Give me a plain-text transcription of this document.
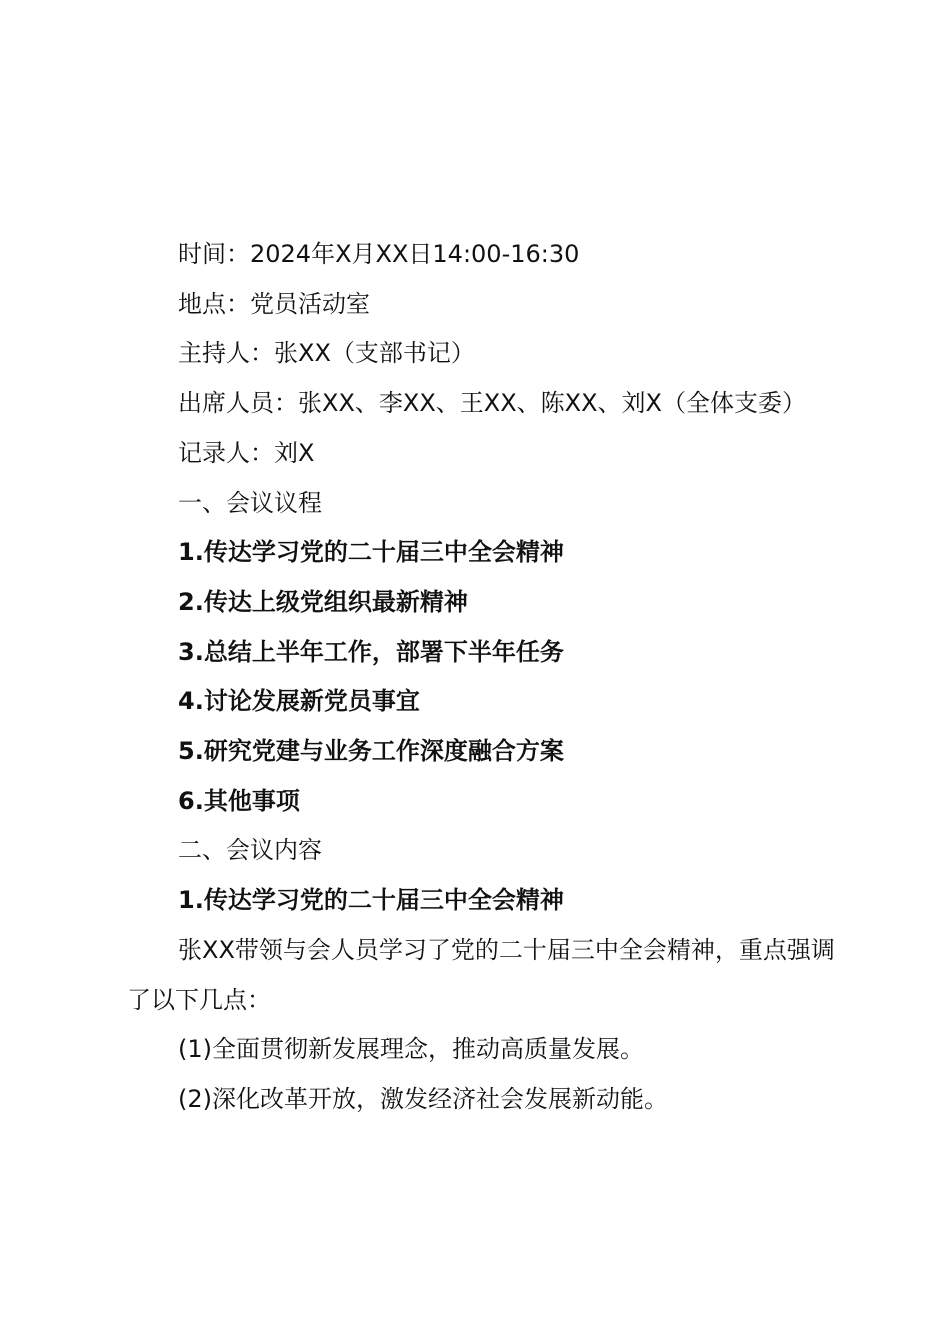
时间：2024年X月XX日14:00-16:30

地点：党员活动室

主持人：张XX（支部书记）

出席人员：张XX、李XX、王XX、陈XX、刘X（全体支委）

记录人：刘X

一、会议议程

1.传达学习党的二十届三中全会精神

2.传达上级党组织最新精神

3.总结上半年工作，部署下半年任务

4.讨论发展新党员事宜

5.研究党建与业务工作深度融合方案

6.其他事项

二、会议内容

1.传达学习党的二十届三中全会精神

张XX带领与会人员学习了党的二十届三中全会精神，重点强调了以下几点：

(1)全面贯彻新发展理念，推动高质量发展。

(2)深化改革开放，激发经济社会发展新动能。
